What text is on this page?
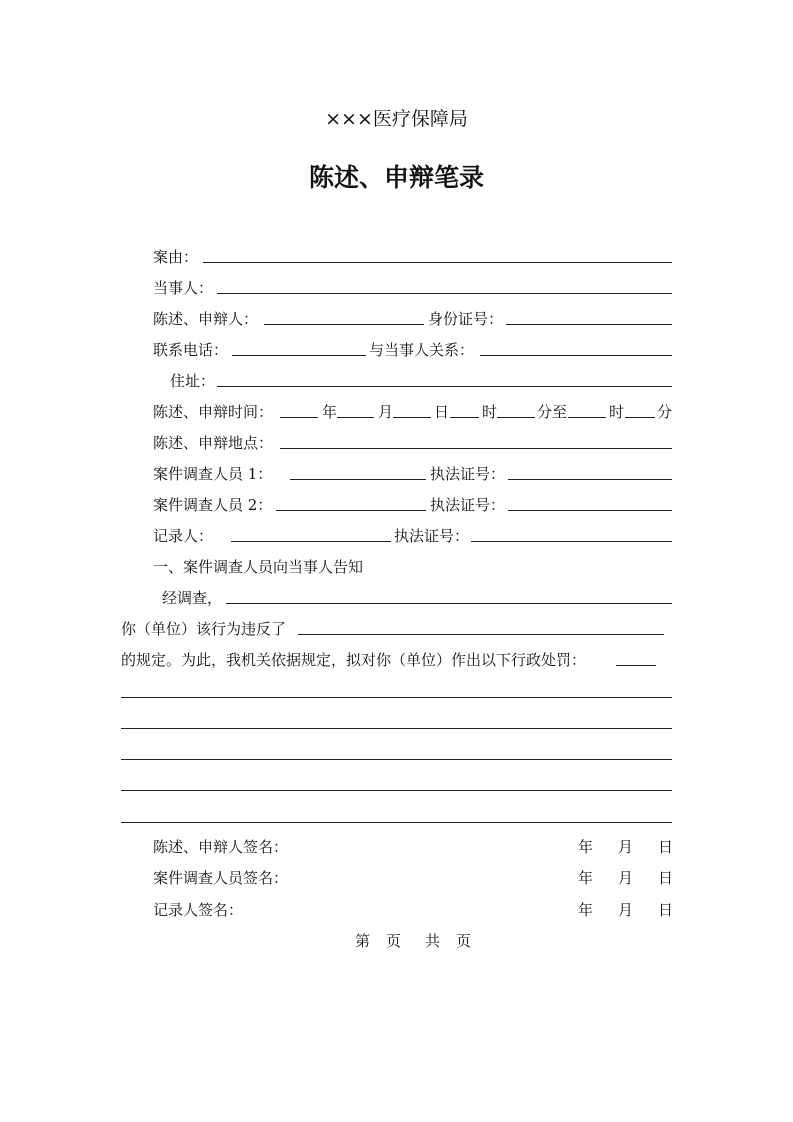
×××医疗保障局
陈述、申辩笔录
案由：
当事人：
陈述、申辩人：	身份证号：
联系电话：	与当事人关系：
住址：
陈述、申辩时间：	年	月	日 时	分至	时 分
陈述、申辩地点：
案件调查人员 1：	执法证号：
案件调查人员 2：	执法证号：
记录人：	执法证号：
一、案件调查人员向当事人告知
经调查，
你（单位）该行为违反了
的规定。为此，我机关依据规定，拟对你（单位）作出以下行政处罚：
陈述、申辩人签名：	年 月 日
案件调查人员签名：	年 月 日
记录人签名：	年 月 日
第 页 共 页
